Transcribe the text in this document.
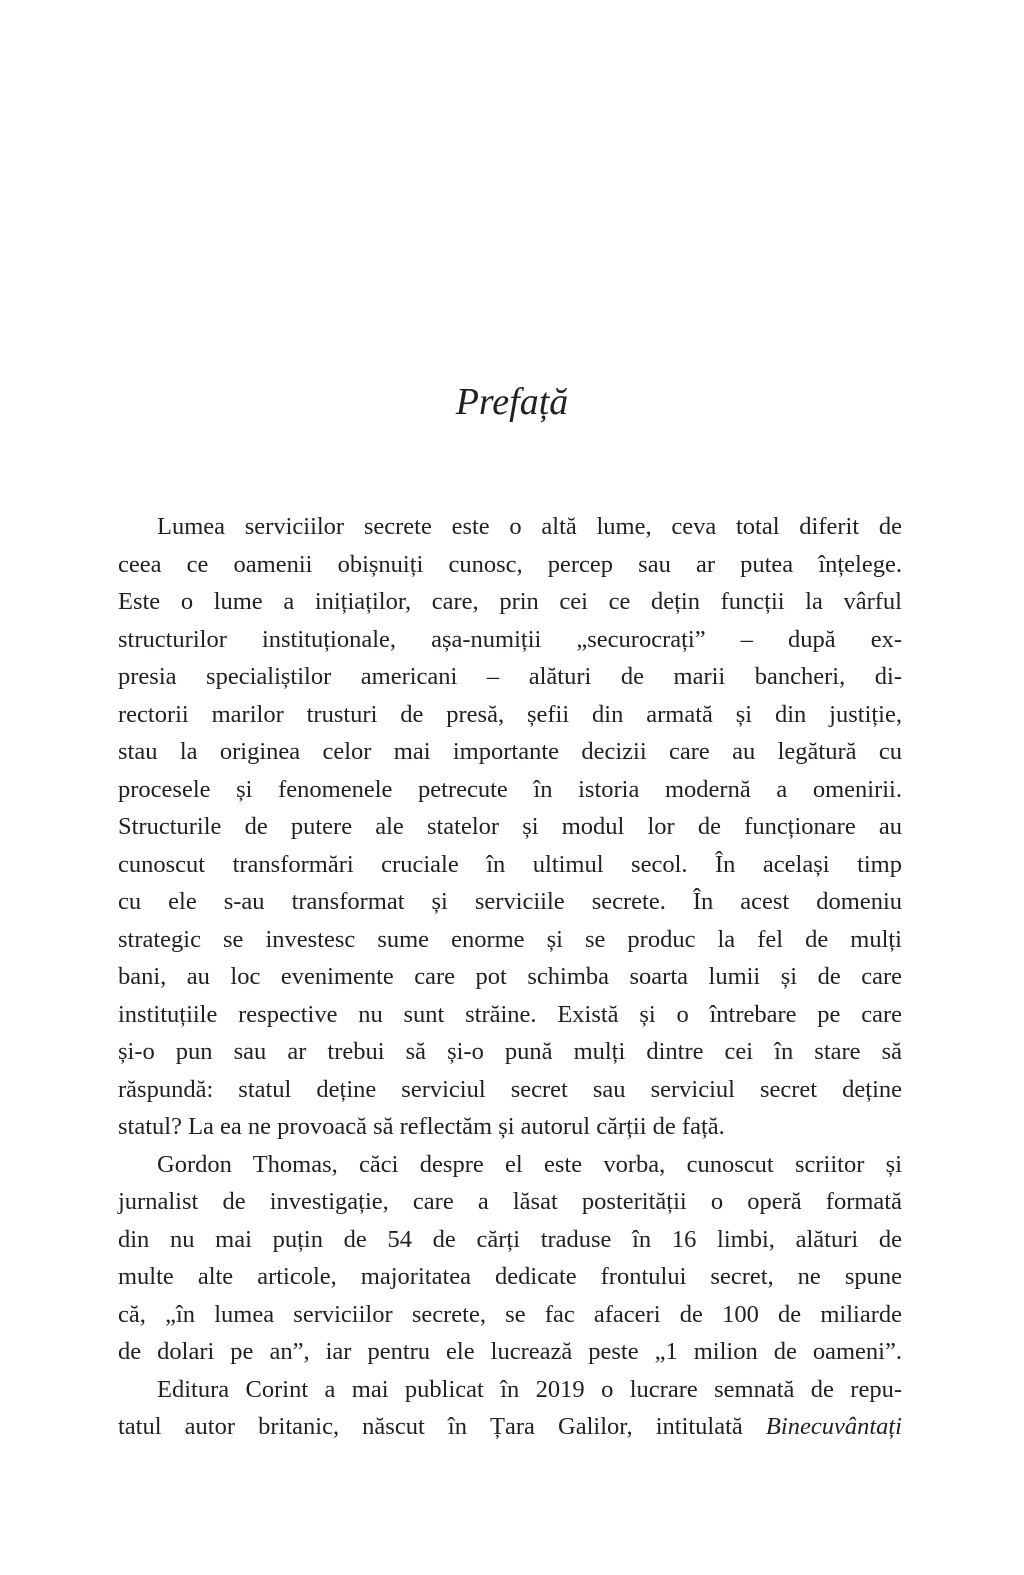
Prefață
Lumea serviciilor secrete este o altă lume, ceva total diferit de
ceea ce oamenii obișnuiți cunosc, percep sau ar putea înțelege.
Este o lume a inițiaților, care, prin cei ce dețin funcții la vârful
structurilor instituționale, așa-numiții „securocrați” – după ex-
presia specialiștilor americani – alături de marii bancheri, di-
rectorii marilor trusturi de presă, șefii din armată și din justiție,
stau la originea celor mai importante decizii care au legătură cu
procesele și fenomenele petrecute în istoria modernă a omenirii.
Structurile de putere ale statelor și modul lor de funcționare au
cunoscut transformări cruciale în ultimul secol. În același timp
cu ele s-au transformat și serviciile secrete. În acest domeniu
strategic se investesc sume enorme și se produc la fel de mulți
bani, au loc evenimente care pot schimba soarta lumii și de care
instituțiile respective nu sunt străine. Există și o întrebare pe care
și-o pun sau ar trebui să și-o pună mulți dintre cei în stare să
răspundă: statul deține serviciul secret sau serviciul secret deține
statul? La ea ne provoacă să reflectăm și autorul cărții de față.
Gordon Thomas, căci despre el este vorba, cunoscut scriitor și
jurnalist de investigație, care a lăsat posterității o operă formată
din nu mai puțin de 54 de cărți traduse în 16 limbi, alături de
multe alte articole, majoritatea dedicate frontului secret, ne spune
că, „în lumea serviciilor secrete, se fac afaceri de 100 de miliarde
de dolari pe an”, iar pentru ele lucrează peste „1 milion de oameni”.
Editura Corint a mai publicat în 2019 o lucrare semnată de repu-
tatul autor britanic, născut în Țara Galilor, intitulată Binecuvântați
